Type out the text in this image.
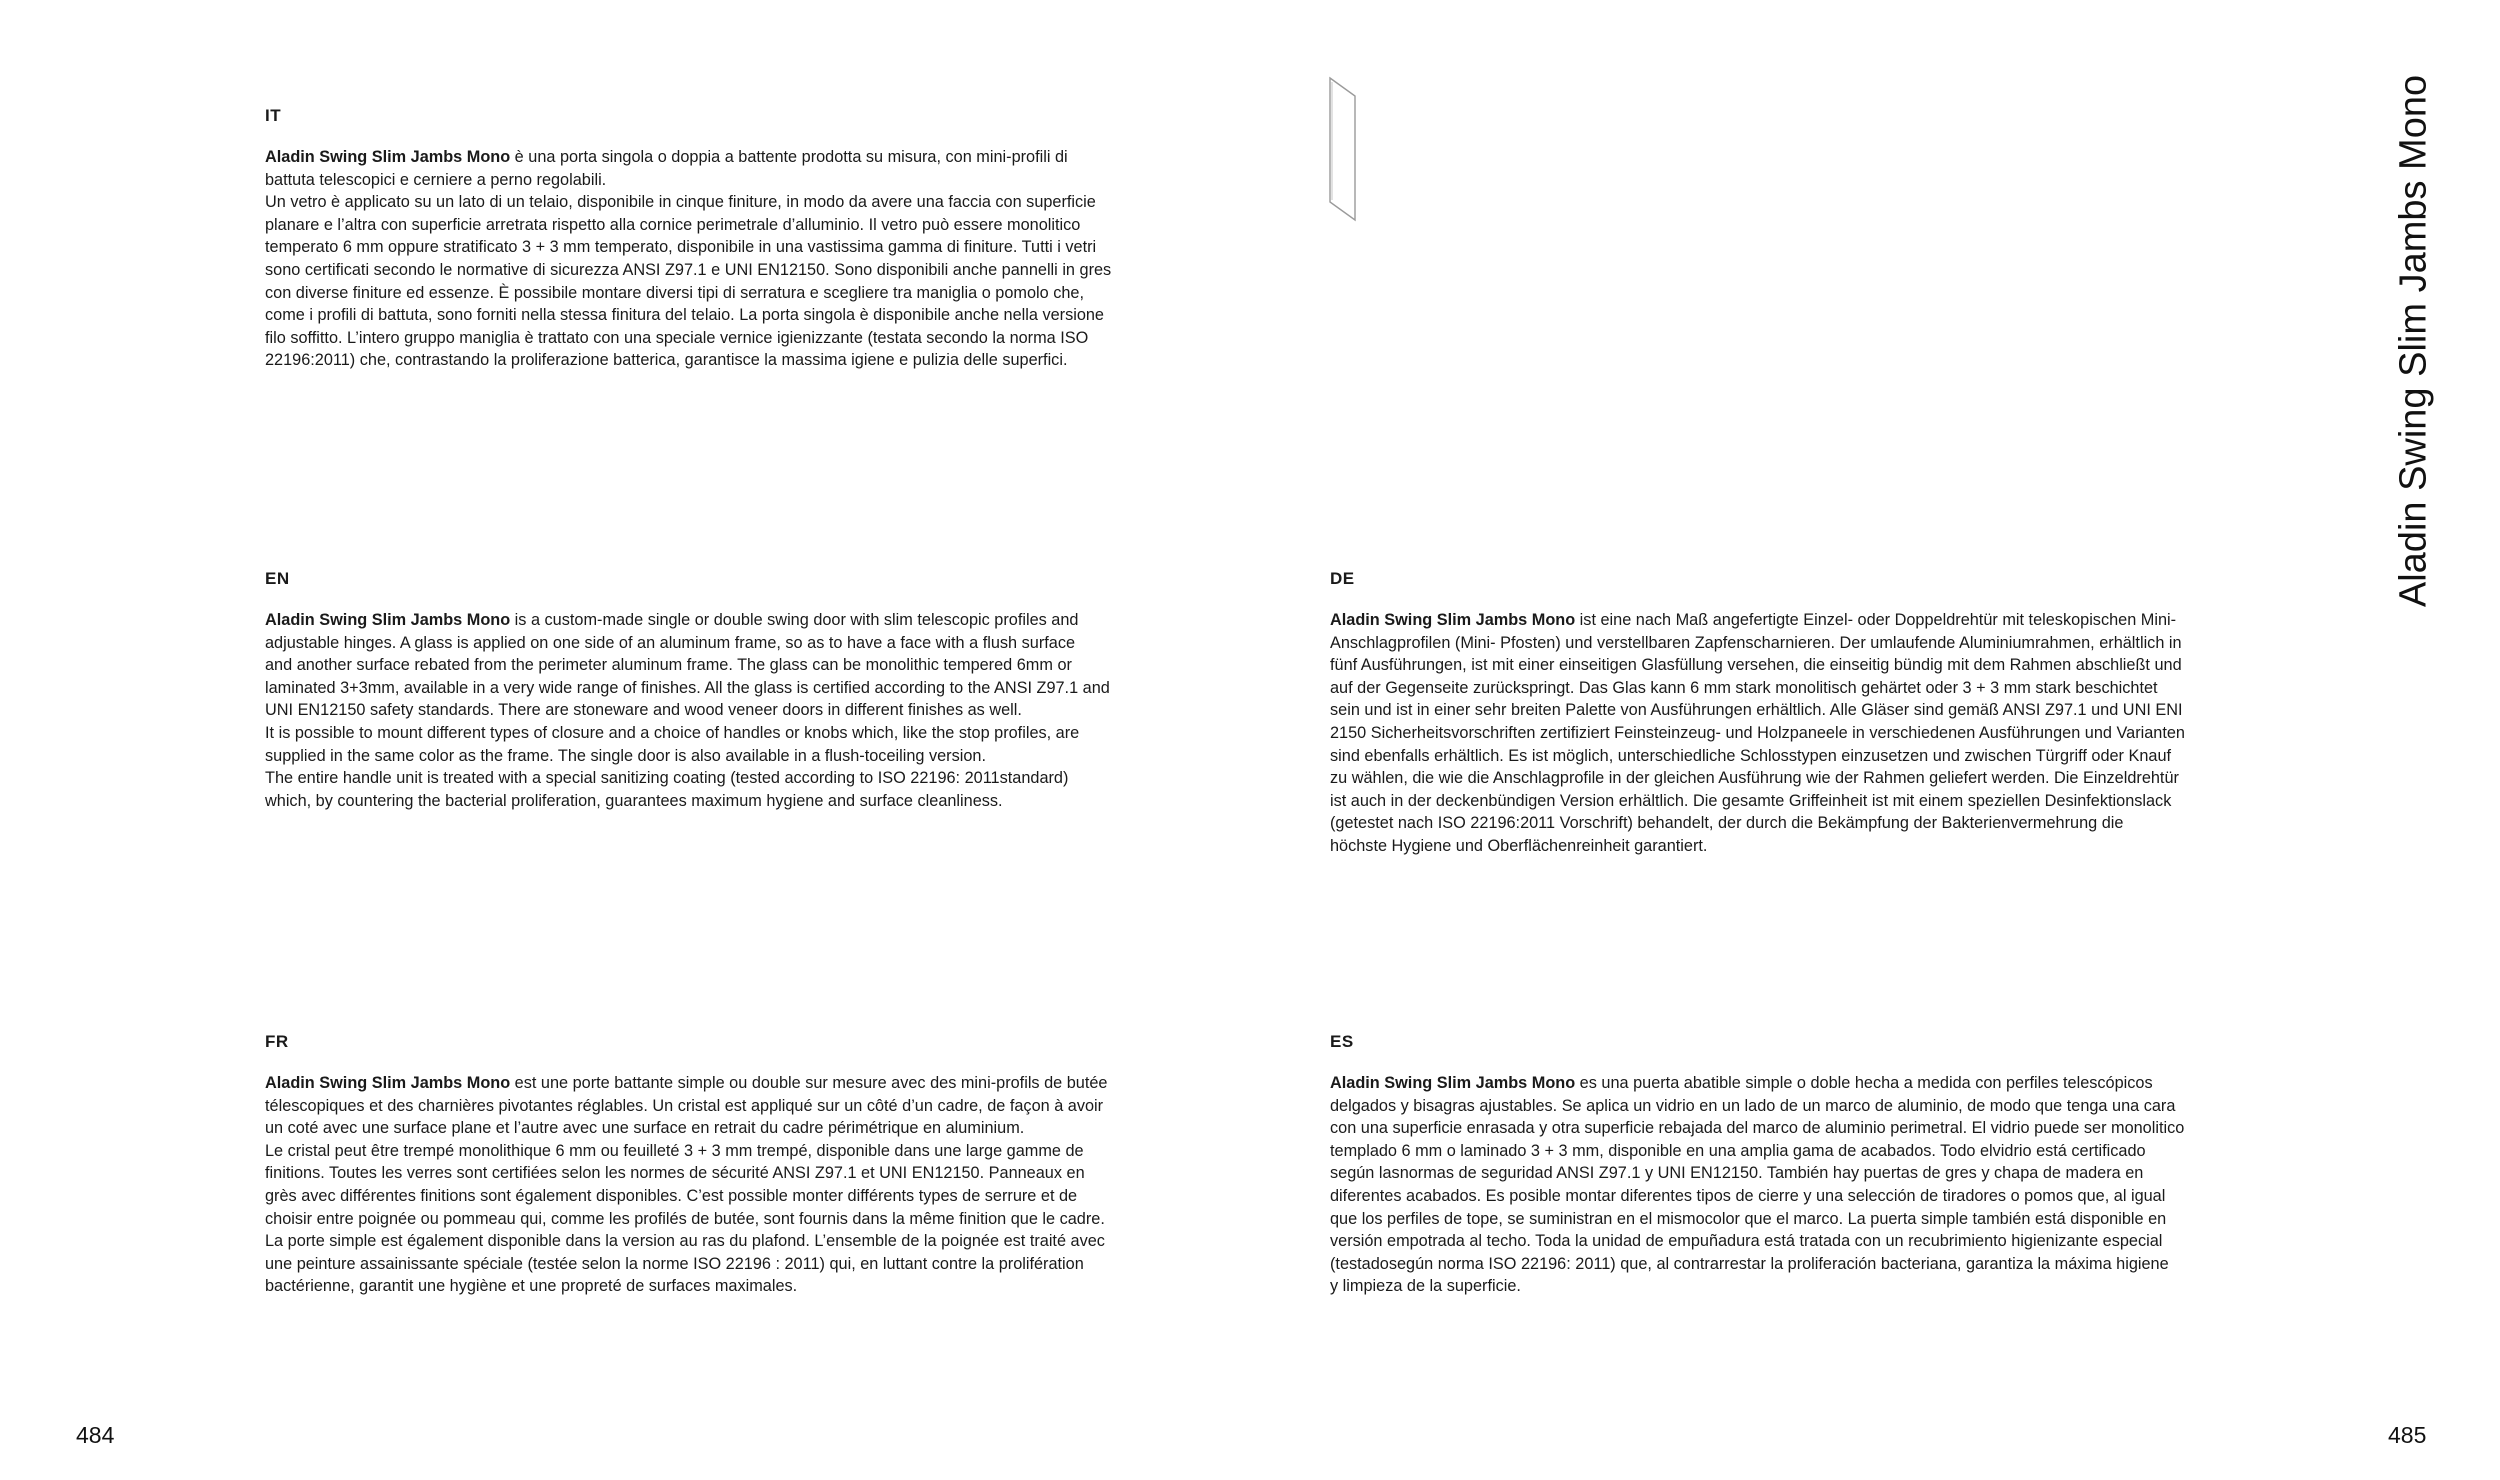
IT

Aladin Swing Slim Jambs Mono è una porta singola o doppia a battente prodotta su misura, con mini-profili di
battuta telescopici e cerniere a perno regolabili.
Un vetro è applicato su un lato di un telaio, disponibile in cinque finiture, in modo da avere una faccia con superficie
planare e l’altra con superficie arretrata rispetto alla cornice perimetrale d’alluminio. Il vetro può essere monolitico
temperato 6 mm oppure stratificato 3 + 3 mm temperato, disponibile in una vastissima gamma di finiture. Tutti i vetri
sono certificati secondo le normative di sicurezza ANSI Z97.1 e UNI EN12150. Sono disponibili anche pannelli in gres
con diverse finiture ed essenze. È possibile montare diversi tipi di serratura e scegliere tra maniglia o pomolo che,
come i profili di battuta, sono forniti nella stessa finitura del telaio. La porta singola è disponibile anche nella versione
filo soffitto. L’intero gruppo maniglia è trattato con una speciale vernice igienizzante (testata secondo la norma ISO
22196:2011) che, contrastando la proliferazione batterica, garantisce la massima igiene e pulizia delle superfici.

EN

Aladin Swing Slim Jambs Mono is a custom-made single or double swing door with slim telescopic profiles and
adjustable hinges. A glass is applied on one side of an aluminum frame, so as to have a face with a flush surface
and another surface rebated from the perimeter aluminum frame. The glass can be monolithic tempered 6mm or
laminated 3+3mm, available in a very wide range of finishes. All the glass is certified according to the ANSI Z97.1 and
UNI EN12150 safety standards. There are stoneware and wood veneer doors in different finishes as well.
It is possible to mount different types of closure and a choice of handles or knobs which, like the stop profiles, are
supplied in the same color as the frame. The single door is also available in a flush-toceiling version.
The entire handle unit is treated with a special sanitizing coating (tested according to ISO 22196: 2011standard)
which, by countering the bacterial proliferation, guarantees maximum hygiene and surface cleanliness.

FR

Aladin Swing Slim Jambs Mono est une porte battante simple ou double sur mesure avec des mini-profils de butée
télescopiques et des charnières pivotantes réglables. Un cristal est appliqué sur un côté d’un cadre, de façon à avoir
un coté avec une surface plane et l’autre avec une surface en retrait du cadre périmétrique en aluminium.
Le cristal peut être trempé monolithique 6 mm ou feuilleté 3 + 3 mm trempé, disponible dans une large gamme de
finitions. Toutes les verres sont certifiées selon les normes de sécurité ANSI Z97.1 et UNI EN12150. Panneaux en
grès avec différentes finitions sont également disponibles. C’est possible monter différents types de serrure et de
choisir entre poignée ou pommeau qui, comme les profilés de butée, sont fournis dans la même finition que le cadre.
La porte simple est également disponible dans la version au ras du plafond. L’ensemble de la poignée est traité avec
une peinture assainissante spéciale (testée selon la norme ISO 22196 : 2011) qui, en luttant contre la prolifération
bactérienne, garantit une hygiène et une propreté de surfaces maximales.

DE

Aladin Swing Slim Jambs Mono ist eine nach Maß angefertigte Einzel- oder Doppeldrehtür mit teleskopischen Mini-
Anschlagprofilen (Mini- Pfosten) und verstellbaren Zapfenscharnieren. Der umlaufende Aluminiumrahmen, erhältlich in
fünf Ausführungen, ist mit einer einseitigen Glasfüllung versehen, die einseitig bündig mit dem Rahmen abschließt und
auf der Gegenseite zurückspringt. Das Glas kann 6 mm stark monolitisch gehärtet oder 3 + 3 mm stark beschichtet
sein und ist in einer sehr breiten Palette von Ausführungen erhältlich. Alle Gläser sind gemäß ANSI Z97.1 und UNI ENI
2150 Sicherheitsvorschriften zertifiziert Feinsteinzeug- und Holzpaneele in verschiedenen Ausführungen und Varianten
sind ebenfalls erhältlich. Es ist möglich, unterschiedliche Schlosstypen einzusetzen und zwischen Türgriff oder Knauf
zu wählen, die wie die Anschlagprofile in der gleichen Ausführung wie der Rahmen geliefert werden. Die Einzeldrehtür
ist auch in der deckenbündigen Version erhältlich. Die gesamte Griffeinheit ist mit einem speziellen Desinfektionslack
(getestet nach ISO 22196:2011 Vorschrift) behandelt, der durch die Bekämpfung der Bakterienvermehrung die
höchste Hygiene und Oberflächenreinheit garantiert.

ES

Aladin Swing Slim Jambs Mono es una puerta abatible simple o doble hecha a medida con perfiles telescópicos
delgados y bisagras ajustables. Se aplica un vidrio en un lado de un marco de aluminio, de modo que tenga una cara
con una superficie enrasada y otra superficie rebajada del marco de aluminio perimetral. El vidrio puede ser monolitico
templado 6 mm o laminado 3 + 3 mm, disponible en una amplia gama de acabados. Todo elvidrio está certificado
según lasnormas de seguridad ANSI Z97.1 y UNI EN12150. También hay puertas de gres y chapa de madera en
diferentes acabados. Es posible montar diferentes tipos de cierre y una selección de tiradores o pomos que, al igual
que los perfiles de tope, se suministran en el mismocolor que el marco. La puerta simple también está disponible en
versión empotrada al techo. Toda la unidad de empuñadura está tratada con un recubrimiento higienizante especial
(testadosegún norma ISO 22196: 2011) que, al contrarrestar la proliferación bacteriana, garantiza la máxima higiene
y limpieza de la superficie.

Aladin Swing Slim Jambs Mono
484	485
